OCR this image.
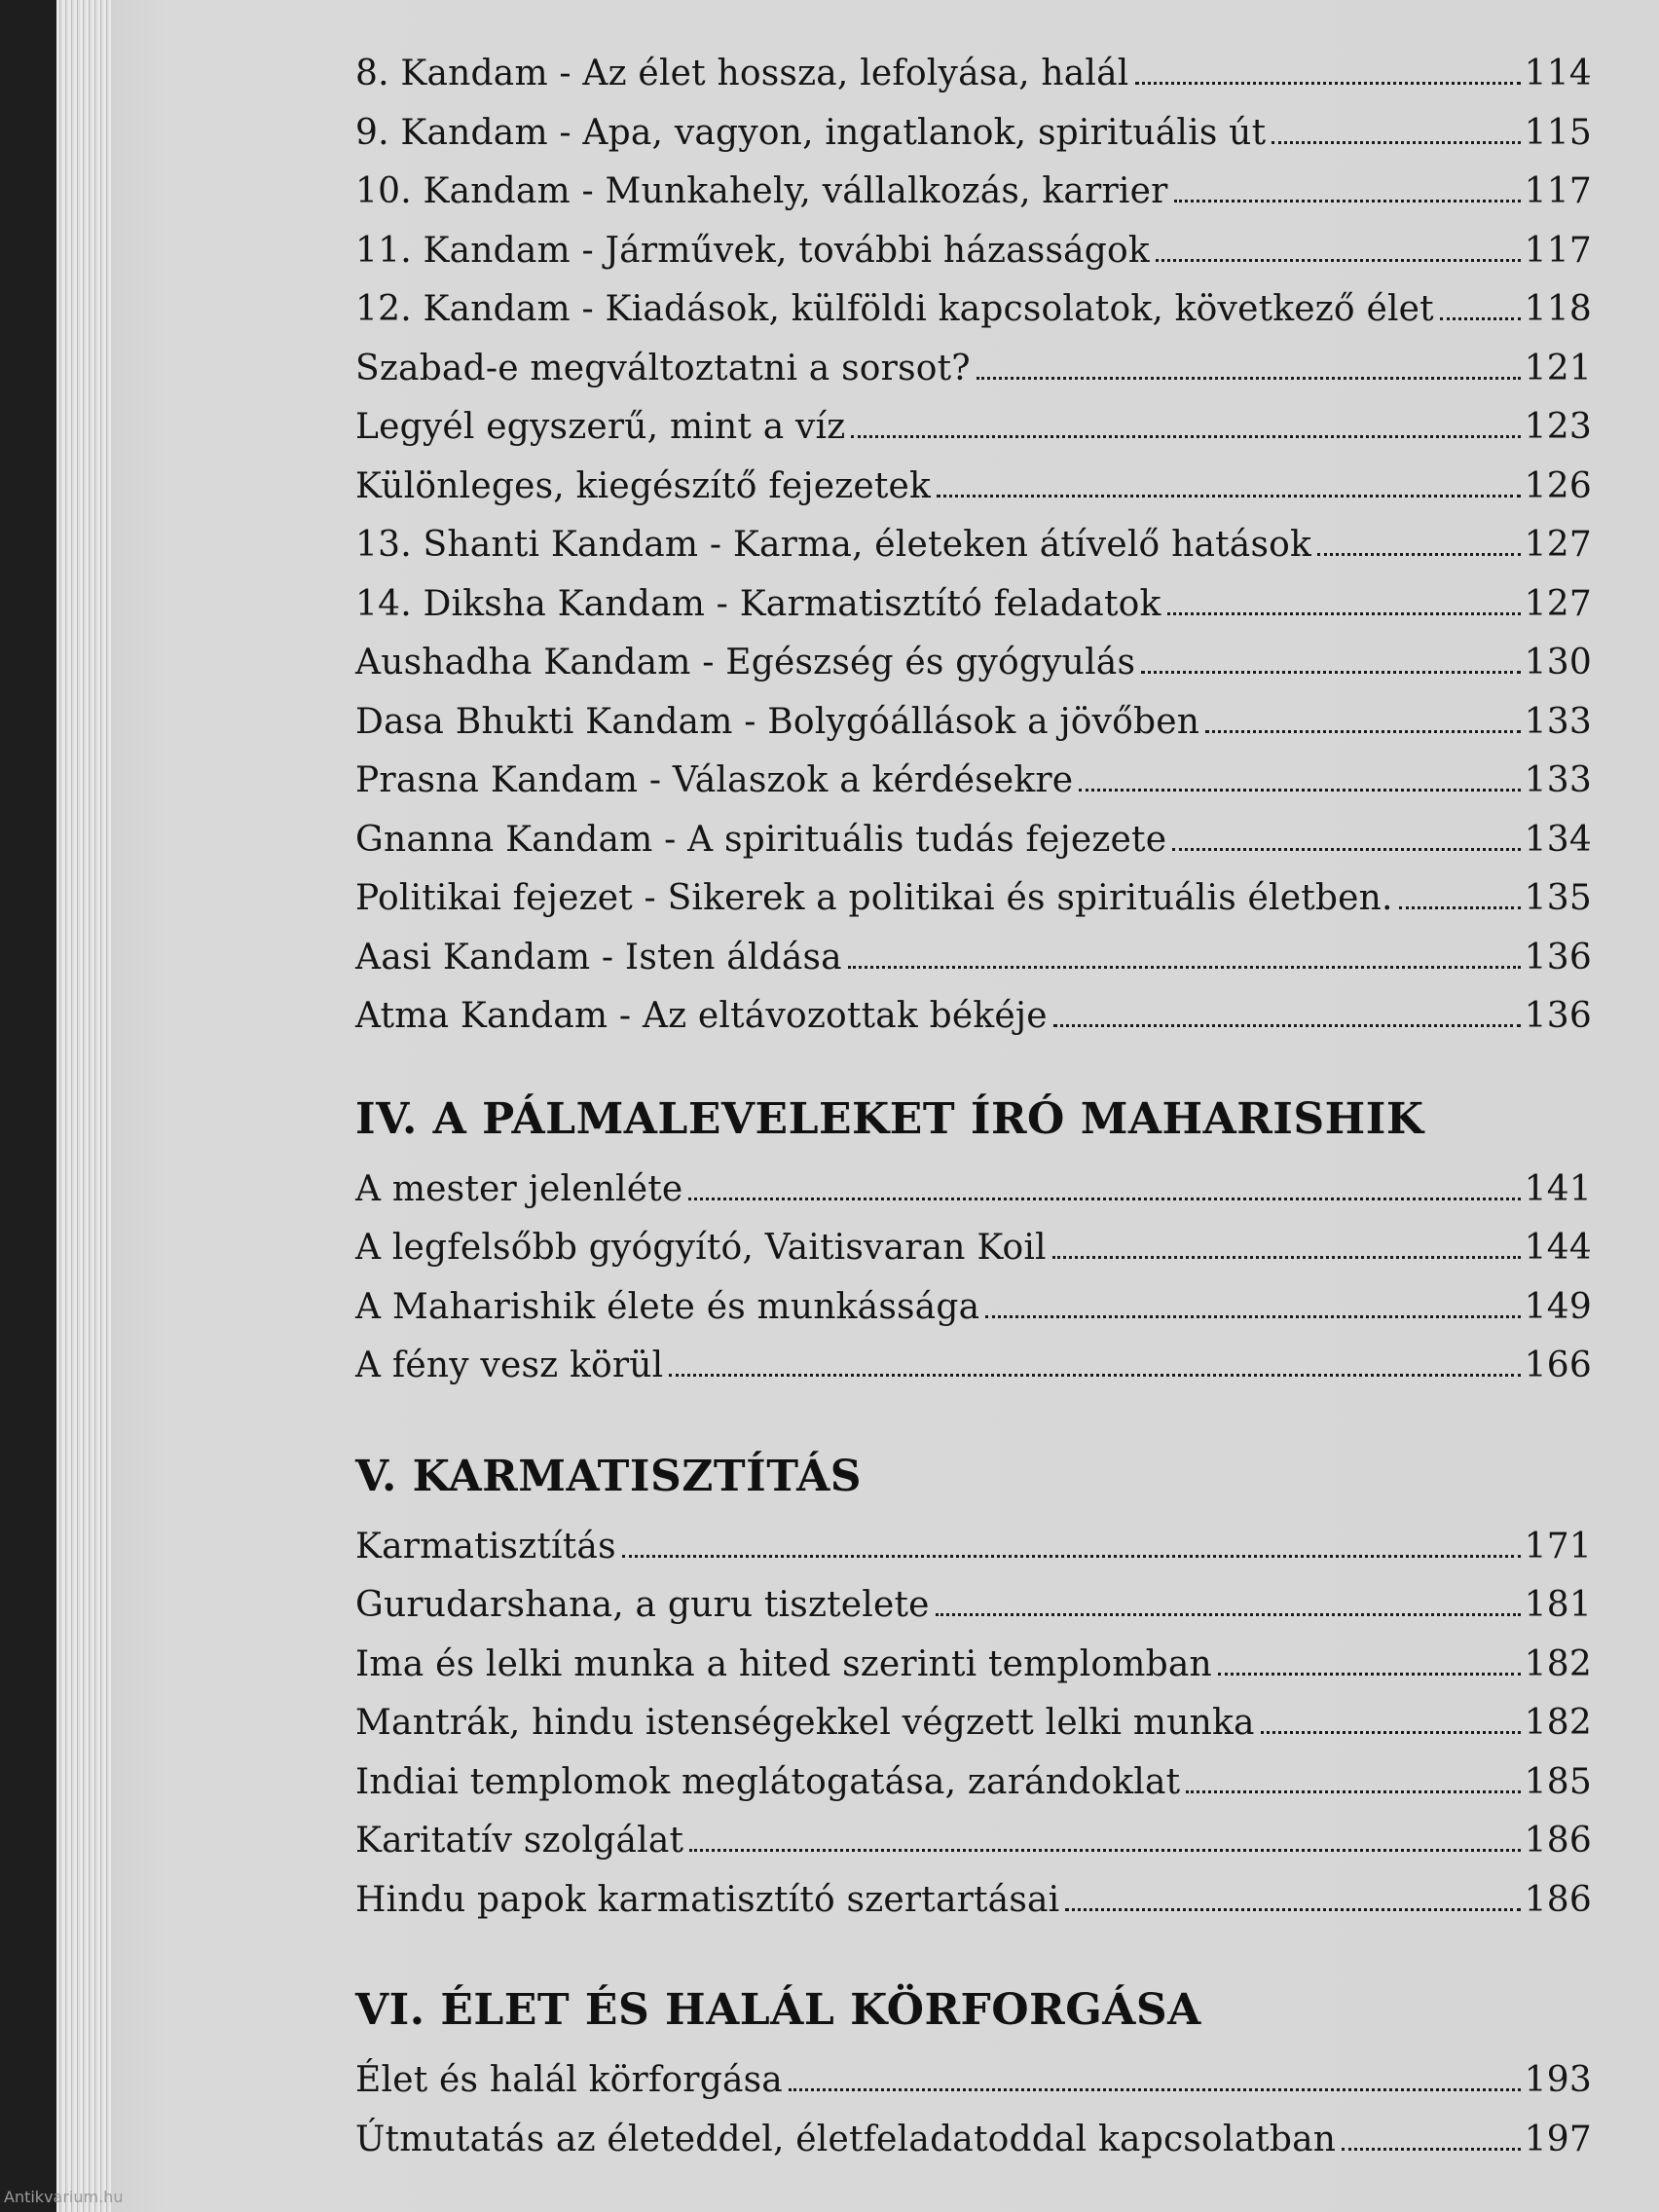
8. Kandam - Az élet hossza, lefolyása, halál	114
9. Kandam - Apa, vagyon, ingatlanok, spirituális út	115
10. Kandam - Munkahely, vállalkozás, karrier	117
11. Kandam - Járművek, további házasságok	117
12. Kandam - Kiadások, külföldi kapcsolatok, következő élet	118
Szabad-e megváltoztatni a sorsot?	121
Legyél egyszerű, mint a víz	123
Különleges, kiegészítő fejezetek	126
13. Shanti Kandam - Karma, életeken átívelő hatások	127
14. Diksha Kandam - Karmatisztító feladatok	127
Aushadha Kandam - Egészség és gyógyulás	130
Dasa Bhukti Kandam - Bolygóállások a jövőben	133
Prasna Kandam - Válaszok a kérdésekre	133
Gnanna Kandam - A spirituális tudás fejezete	134
Politikai fejezet - Sikerek a politikai és spirituális életben.	135
Aasi Kandam - Isten áldása	136
Atma Kandam - Az eltávozottak békéje	136
IV. A PÁLMALEVELEKET ÍRÓ MAHARISHIK
A mester jelenléte	141
A legfelsőbb gyógyító, Vaitisvaran Koil	144
A Maharishik élete és munkássága	149
A fény vesz körül	166
V. KARMATISZTÍTÁS
Karmatisztítás	171
Gurudarshana, a guru tisztelete	181
Ima és lelki munka a hited szerinti templomban	182
Mantrák, hindu istenségekkel végzett lelki munka	182
Indiai templomok meglátogatása, zarándoklat	185
Karitatív szolgálat	186
Hindu papok karmatisztító szertartásai	186
VI. ÉLET ÉS HALÁL KÖRFORGÁSA
Élet és halál körforgása	193
Útmutatás az életeddel, életfeladatoddal kapcsolatban	197
Antikvarium.hu
